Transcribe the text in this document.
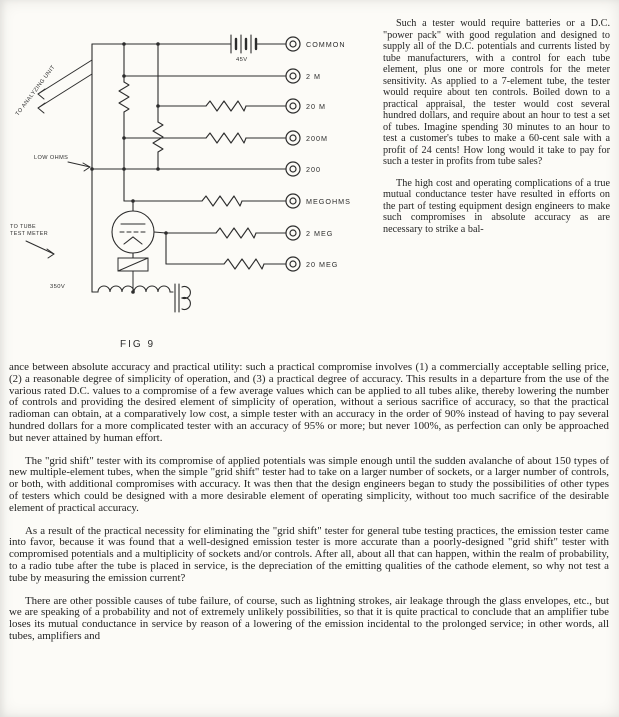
COMMON
2 M
20 M
200M
200
MEGOHMS
2 MEG
20 MEG
TO ANALYZING UNIT
LOW OHMS
TO TUBE
TEST METER
45V
350V
FIG 9

Such a tester would require batteries or a D.C. "power pack" with good regulation and designed to supply all of the D.C. potentials and currents listed by tube manufacturers, with a control for each tube element, plus one or more controls for the meter sensitivity. As applied to a 7-element tube, the tester would require about ten controls. Boiled down to a practical appraisal, the tester would cost several hundred dollars, and require about an hour to test a set of tubes. Imagine spending 30 minutes to an hour to test a customer's tubes to make a 60-cent sale with a profit of 24 cents! How long would it take to pay for such a tester in profits from tube sales?

The high cost and operating complications of a true mutual conductance tester have resulted in efforts on the part of testing equipment design engineers to make such compromises in absolute accuracy as are necessary to strike a bal-

ance between absolute accuracy and practical utility: such a practical compromise involves (1) a commercially acceptable selling price, (2) a reasonable degree of simplicity of operation, and (3) a practical degree of accuracy. This results in a departure from the use of the various rated D.C. values to a compromise of a few average values which can be applied to all tubes alike, thereby lowering the number of controls and providing the desired element of simplicity of operation, without a serious sacrifice of accuracy, so that the practical radioman can obtain, at a comparatively low cost, a simple tester with an accuracy in the order of 90% instead of having to pay several hundred dollars for a more complicated tester with an accuracy of 95% or more; but never 100%, as perfection can only be approached but never attained by human effort.

The "grid shift" tester with its compromise of applied potentials was simple enough until the sudden avalanche of about 150 types of new multiple-element tubes, when the simple "grid shift" tester had to take on a larger number of sockets, or a larger number of controls, or both, with additional compromises with accuracy. It was then that the design engineers began to study the possibilities of other types of testers which could be designed with a more desirable element of operating simplicity, without too much sacrifice of the desirable element of practical accuracy.

As a result of the practical necessity for eliminating the "grid shift" tester for general tube testing practices, the emission tester came into favor, because it was found that a well-designed emission tester is more accurate than a poorly-designed "grid shift" tester with compromised potentials and a multiplicity of sockets and/or controls. After all, about all that can happen, within the realm of probability, to a radio tube after the tube is placed in service, is the depreciation of the emitting qualities of the cathode element, so why not test a tube by measuring the emission current?

There are other possible causes of tube failure, of course, such as lightning strokes, air leakage through the glass envelopes, etc., but we are speaking of a probability and not of extremely unlikely possibilities, so that it is quite practical to conclude that an amplifier tube loses its mutual conductance in service by reason of a lowering of the emission incidental to the prolonged service; in other words, all tubes, amplifiers and
